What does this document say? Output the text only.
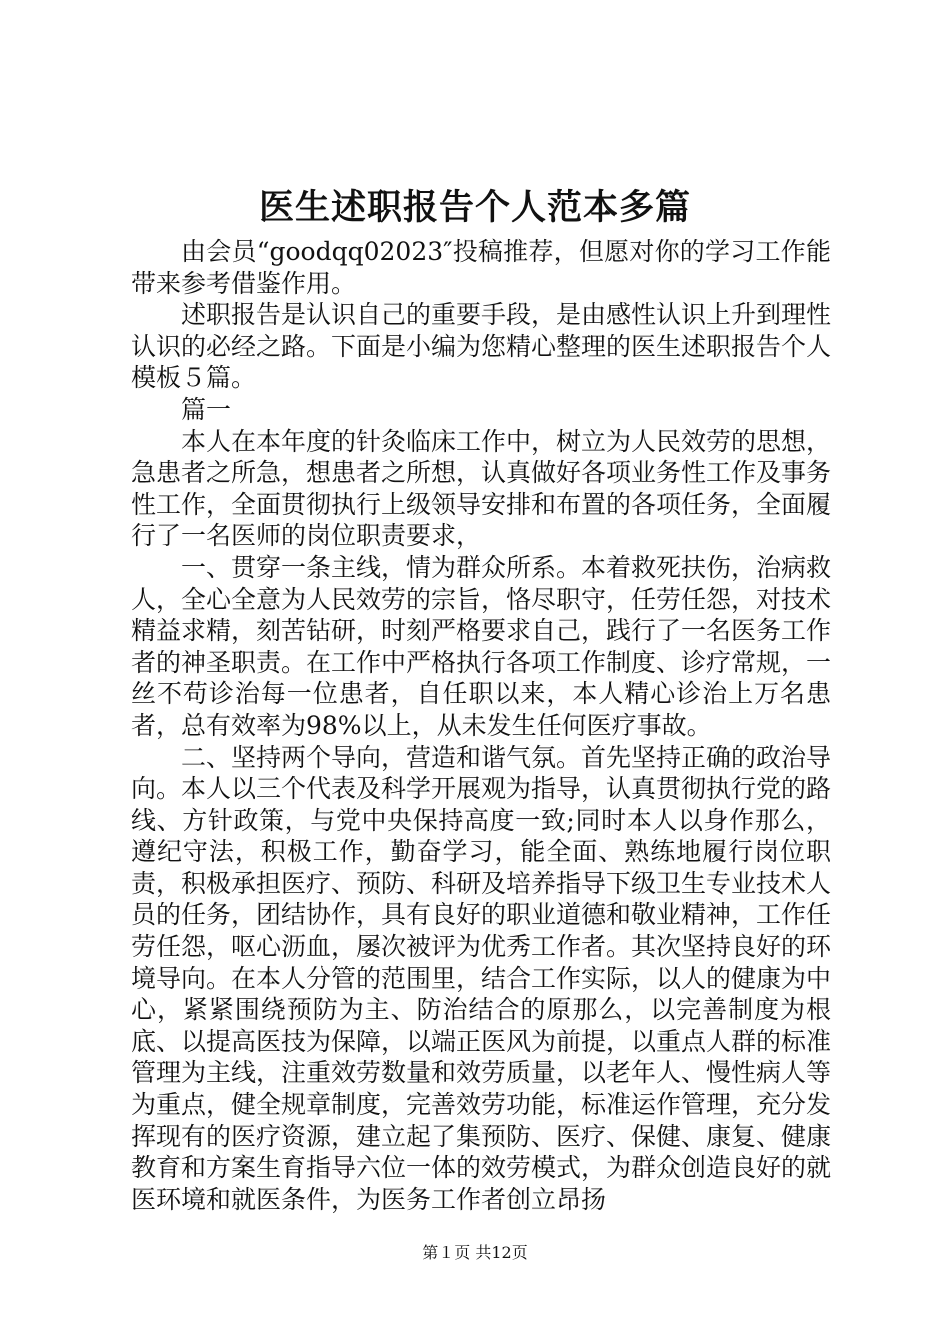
医生述职报告个人范本多篇

由会员“goodqq02023″投稿推荐，但愿对你的学习工作能带来参考借鉴作用。

述职报告是认识自己的重要手段，是由感性认识上升到理性认识的必经之路。下面是小编为您精心整理的医生述职报告个人模板５篇。

篇一

本人在本年度的针灸临床工作中，树立为人民效劳的思想，急患者之所急，想患者之所想，认真做好各项业务性工作及事务性工作，全面贯彻执行上级领导安排和布置的各项任务，全面履行了一名医师的岗位职责要求，

一、贯穿一条主线，情为群众所系。本着救死扶伤，治病救人，全心全意为人民效劳的宗旨，恪尽职守，任劳任怨，对技术精益求精，刻苦钻研，时刻严格要求自己，践行了一名医务工作者的神圣职责。在工作中严格执行各项工作制度、诊疗常规，一丝不苟诊治每一位患者，自任职以来，本人精心诊治上万名患者，总有效率为98%以上，从未发生任何医疗事故。

二、坚持两个导向，营造和谐气氛。首先坚持正确的政治导向。本人以三个代表及科学开展观为指导，认真贯彻执行党的路线、方针政策，与党中央保持高度一致;同时本人以身作那么，遵纪守法，积极工作，勤奋学习，能全面、熟练地履行岗位职责，积极承担医疗、预防、科研及培养指导下级卫生专业技术人员的任务，团结协作，具有良好的职业道德和敬业精神，工作任劳任怨，呕心沥血，屡次被评为优秀工作者。其次坚持良好的环境导向。在本人分管的范围里，结合工作实际，以人的健康为中心，紧紧围绕预防为主、防治结合的原那么，以完善制度为根底、以提高医技为保障，以端正医风为前提，以重点人群的标准管理为主线，注重效劳数量和效劳质量，以老年人、慢性病人等为重点，健全规章制度，完善效劳功能，标准运作管理，充分发挥现有的医疗资源，建立起了集预防、医疗、保健、康复、健康教育和方案生育指导六位一体的效劳模式，为群众创造良好的就医环境和就医条件，为医务工作者创立昂扬

第１页 共12页
